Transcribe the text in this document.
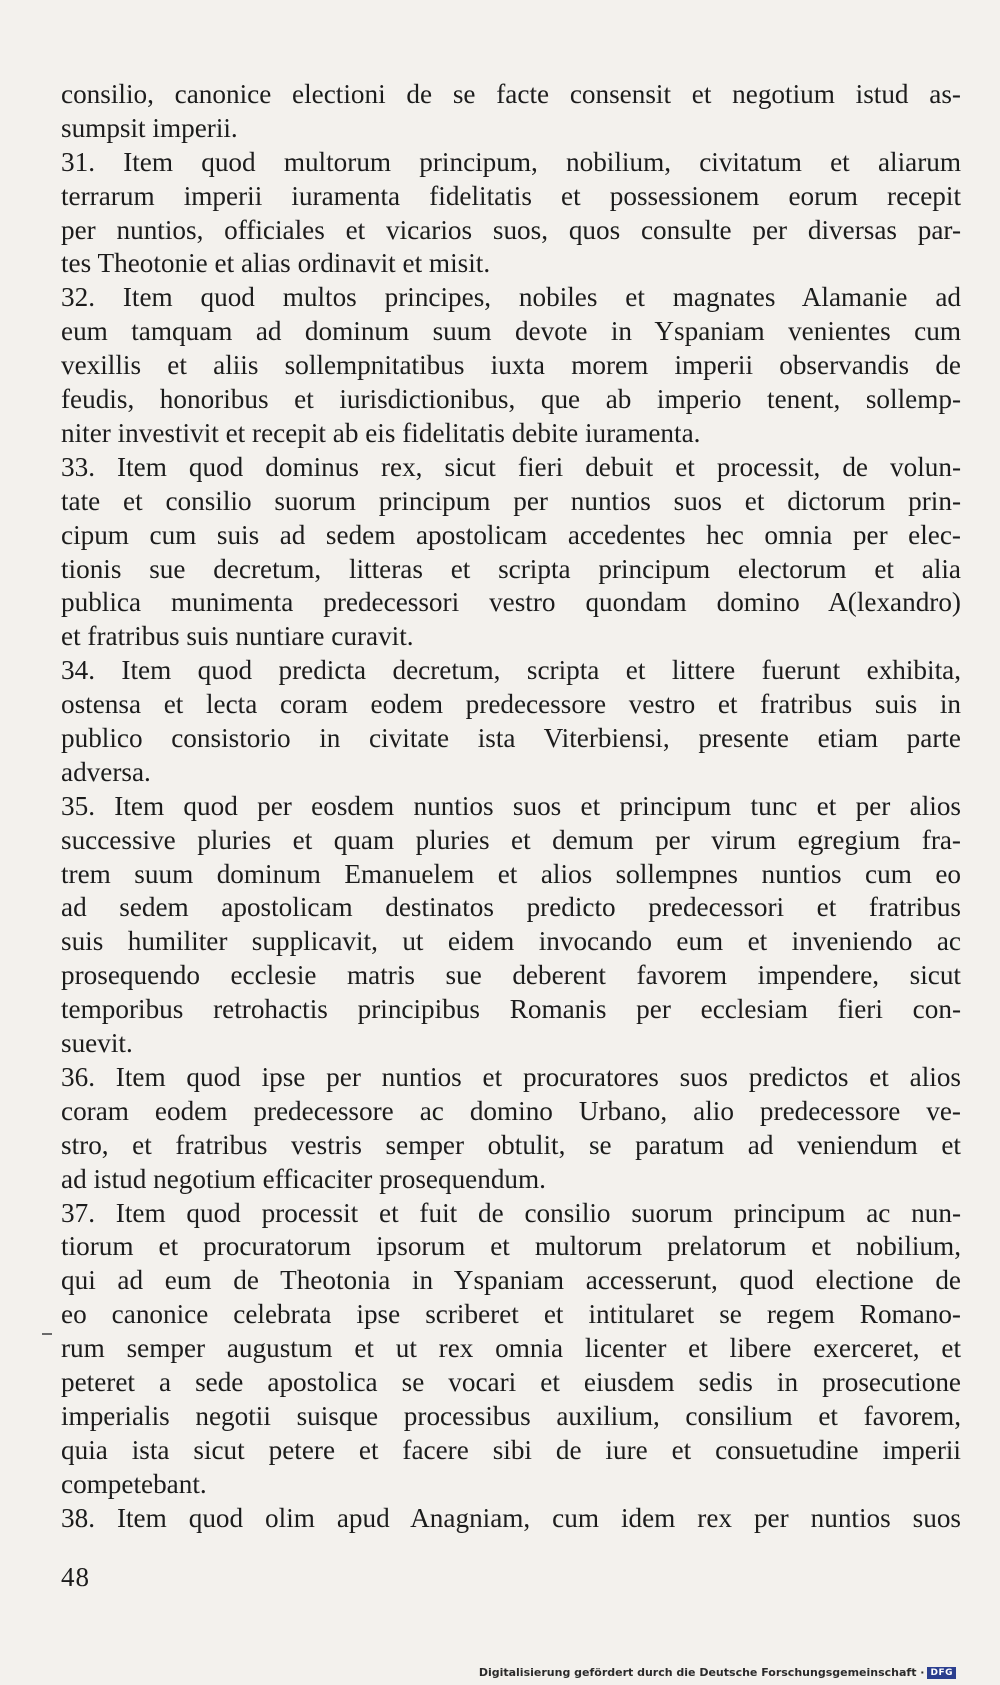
consilio, canonice electioni de se facte consensit et negotium istud as-
sumpsit imperii.
31. Item quod multorum principum, nobilium, civitatum et aliarum
terrarum imperii iuramenta fidelitatis et possessionem eorum recepit
per nuntios, officiales et vicarios suos, quos consulte per diversas par-
tes Theotonie et alias ordinavit et misit.
32. Item quod multos principes, nobiles et magnates Alamanie ad
eum tamquam ad dominum suum devote in Yspaniam venientes cum
vexillis et aliis sollempnitatibus iuxta morem imperii observandis de
feudis, honoribus et iurisdictionibus, que ab imperio tenent, sollemp-
niter investivit et recepit ab eis fidelitatis debite iuramenta.
33. Item quod dominus rex, sicut fieri debuit et processit, de volun-
tate et consilio suorum principum per nuntios suos et dictorum prin-
cipum cum suis ad sedem apostolicam accedentes hec omnia per elec-
tionis sue decretum, litteras et scripta principum electorum et alia
publica munimenta predecessori vestro quondam domino A(lexandro)
et fratribus suis nuntiare curavit.
34. Item quod predicta decretum, scripta et littere fuerunt exhibita,
ostensa et lecta coram eodem predecessore vestro et fratribus suis in
publico consistorio in civitate ista Viterbiensi, presente etiam parte
adversa.
35. Item quod per eosdem nuntios suos et principum tunc et per alios
successive pluries et quam pluries et demum per virum egregium fra-
trem suum dominum Emanuelem et alios sollempnes nuntios cum eo
ad sedem apostolicam destinatos predicto predecessori et fratribus
suis humiliter supplicavit, ut eidem invocando eum et inveniendo ac
prosequendo ecclesie matris sue deberent favorem impendere, sicut
temporibus retrohactis principibus Romanis per ecclesiam fieri con-
suevit.
36. Item quod ipse per nuntios et procuratores suos predictos et alios
coram eodem predecessore ac domino Urbano, alio predecessore ve-
stro, et fratribus vestris semper obtulit, se paratum ad veniendum et
ad istud negotium efficaciter prosequendum.
37. Item quod processit et fuit de consilio suorum principum ac nun-
tiorum et procuratorum ipsorum et multorum prelatorum et nobilium,
qui ad eum de Theotonia in Yspaniam accesserunt, quod electione de
eo canonice celebrata ipse scriberet et intitularet se regem Romano-
rum semper augustum et ut rex omnia licenter et libere exerceret, et
peteret a sede apostolica se vocari et eiusdem sedis in prosecutione
imperialis negotii suisque processibus auxilium, consilium et favorem,
quia ista sicut petere et facere sibi de iure et consuetudine imperii
competebant.
38. Item quod olim apud Anagniam, cum idem rex per nuntios suos
48
Digitalisierung gefördert durch die Deutsche Forschungsgemeinschaft · DFG
